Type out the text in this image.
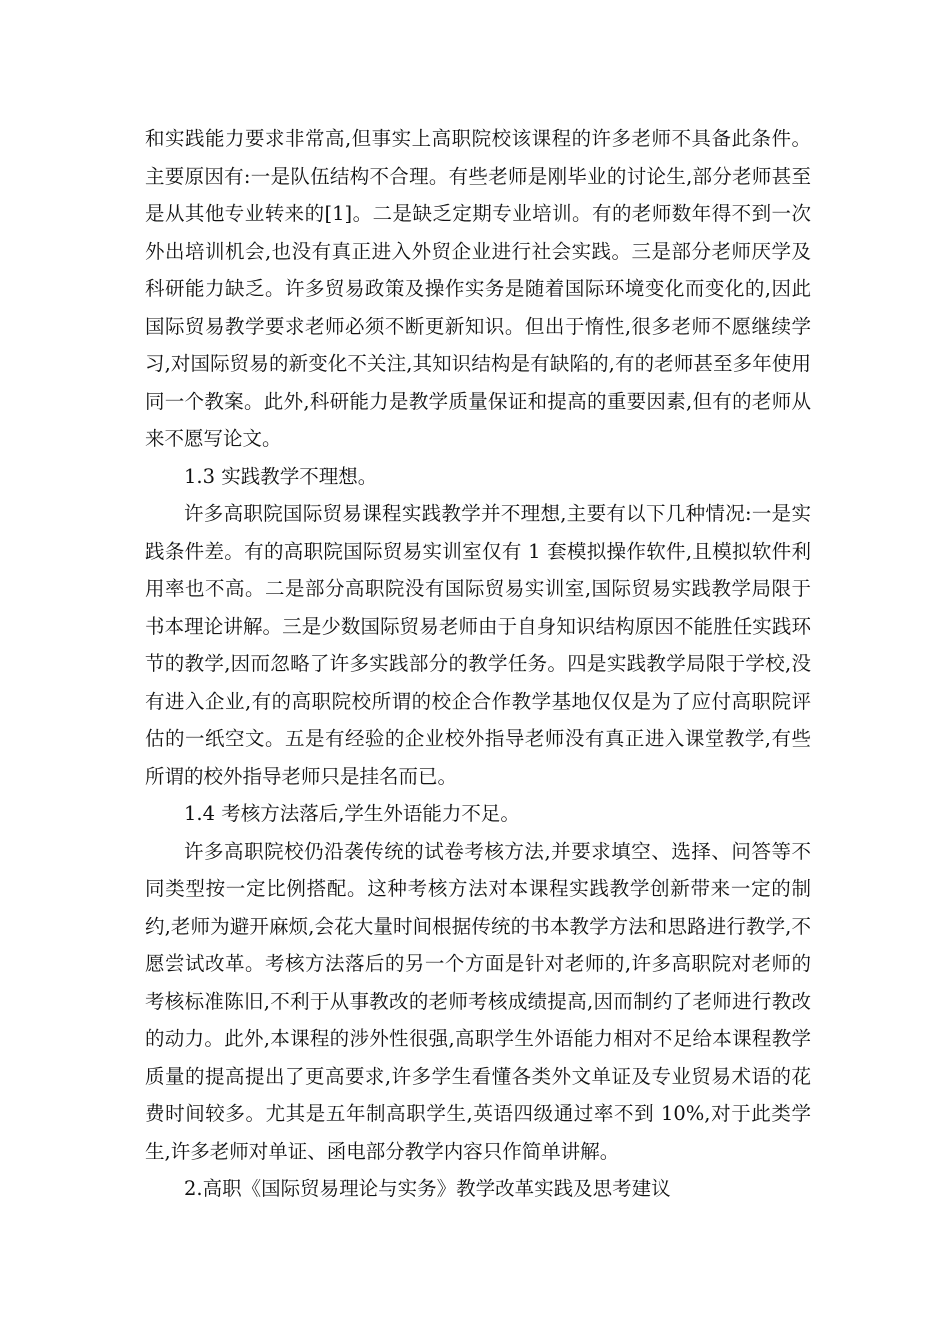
和实践能力要求非常高,但事实上高职院校该课程的许多老师不具备此条件。主要原因有:一是队伍结构不合理。有些老师是刚毕业的讨论生,部分老师甚至是从其他专业转来的[1]。二是缺乏定期专业培训。有的老师数年得不到一次外出培训机会,也没有真正进入外贸企业进行社会实践。三是部分老师厌学及科研能力缺乏。许多贸易政策及操作实务是随着国际环境变化而变化的,因此国际贸易教学要求老师必须不断更新知识。但出于惰性,很多老师不愿继续学习,对国际贸易的新变化不关注,其知识结构是有缺陷的,有的老师甚至多年使用同一个教案。此外,科研能力是教学质量保证和提高的重要因素,但有的老师从来不愿写论文。

1.3 实践教学不理想。

许多高职院国际贸易课程实践教学并不理想,主要有以下几种情况:一是实践条件差。有的高职院国际贸易实训室仅有 1 套模拟操作软件,且模拟软件利用率也不高。二是部分高职院没有国际贸易实训室,国际贸易实践教学局限于书本理论讲解。三是少数国际贸易老师由于自身知识结构原因不能胜任实践环节的教学,因而忽略了许多实践部分的教学任务。四是实践教学局限于学校,没有进入企业,有的高职院校所谓的校企合作教学基地仅仅是为了应付高职院评估的一纸空文。五是有经验的企业校外指导老师没有真正进入课堂教学,有些所谓的校外指导老师只是挂名而已。

1.4 考核方法落后,学生外语能力不足。

许多高职院校仍沿袭传统的试卷考核方法,并要求填空、选择、问答等不同类型按一定比例搭配。这种考核方法对本课程实践教学创新带来一定的制约,老师为避开麻烦,会花大量时间根据传统的书本教学方法和思路进行教学,不愿尝试改革。考核方法落后的另一个方面是针对老师的,许多高职院对老师的考核标准陈旧,不利于从事教改的老师考核成绩提高,因而制约了老师进行教改的动力。此外,本课程的涉外性很强,高职学生外语能力相对不足给本课程教学质量的提高提出了更高要求,许多学生看懂各类外文单证及专业贸易术语的花费时间较多。尤其是五年制高职学生,英语四级通过率不到 10%,对于此类学生,许多老师对单证、函电部分教学内容只作简单讲解。

2.高职《国际贸易理论与实务》教学改革实践及思考建议
